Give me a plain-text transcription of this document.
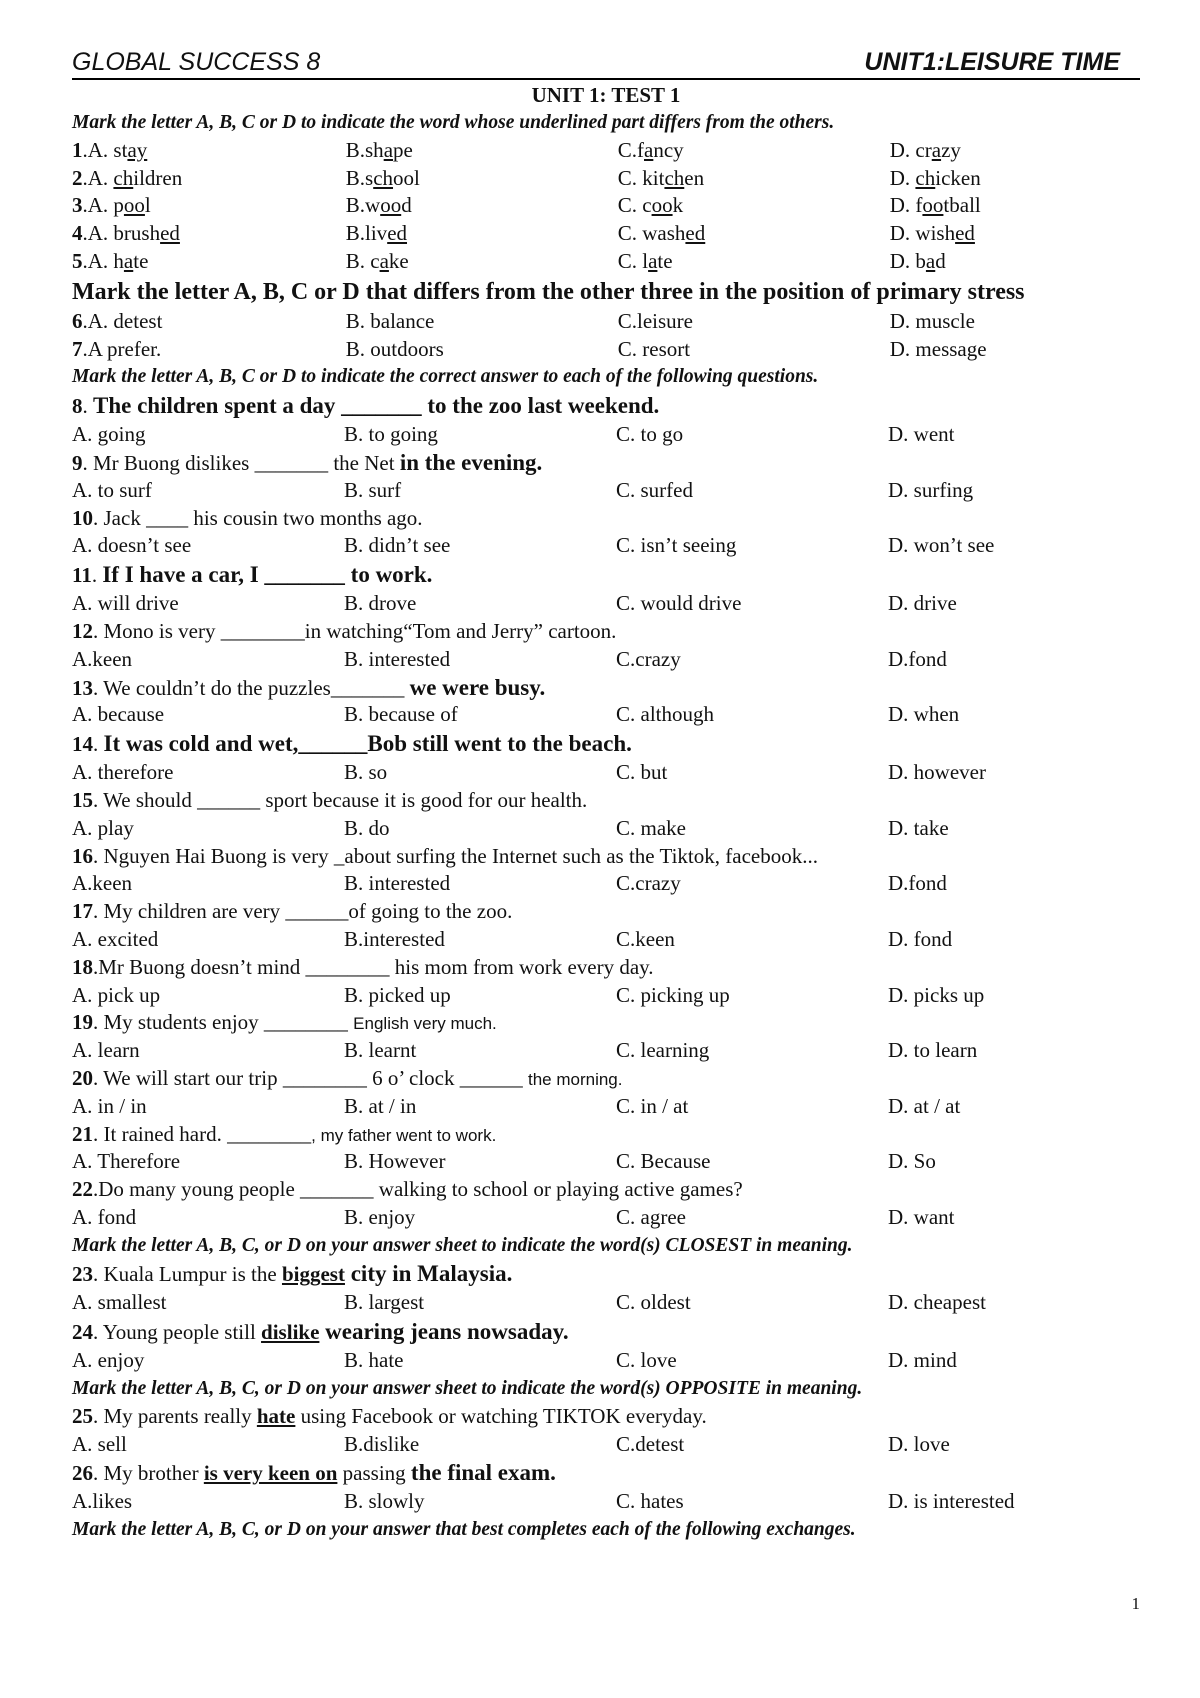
GLOBAL SUCCESS 8	UNIT1:LEISURE TIME
UNIT 1: TEST 1
Mark the letter A, B, C or D to indicate the word whose underlined part differs from the others.
1 . A. stay	B.shape	C.fancy	D. crazy
2 . A. children	B.school	C. kitchen	D. chicken
3 . A. pool	B.wood	C. cook	D. football
4 . A. brushed	B.lived	C. washed	D. wished
5 . A. hate	B. cake	C. late	D. bad
Mark the letter A, B, C or D that differs from the other three in the position of primary stress
6 . A. detest	B. balance	C.leisure	D. muscle
7 . A prefer.	B. outdoors	C. resort	D. message
Mark the letter A, B, C or D to indicate the correct answer to each of the following questions.
8. The children spent a day _______ to the zoo last weekend.
A. going	B. to going	C. to go	D. went
9. Mr Buong dislikes _______ the Net in the evening.
A. to surf	B. surf	C. surfed	D. surfing
10. Jack ____ his cousin two months ago.
A. doesn’t see	B. didn’t see	C. isn’t seeing	D. won’t see
11. If I have a car, I _______ to work.
A. will drive	B. drove	C. would drive	D. drive
12. Mono is very ________in watching“Tom and Jerry” cartoon.
A.keen	B. interested	C.crazy	D.fond
13. We couldn’t do the puzzles_______ we were busy.
A. because	B. because of	C. although	D. when
14. It was cold and wet,______Bob still went to the beach.
A. therefore	B. so	C. but	D. however
15. We should ______ sport because it is good for our health.
A. play	B. do	C. make	D. take
16. Nguyen Hai Buong is very _about surfing the Internet such as the Tiktok, facebook...
A.keen	B. interested	C.crazy	D.fond
17. My children are very ______of going to the zoo.
A. excited	B.interested	C.keen	D. fond
18.Mr Buong doesn’t mind ________ his mom from work every day.
A. pick up	B. picked up	C. picking up	D. picks up
19. My students enjoy ________ English very much.
A. learn	B. learnt	C. learning	D. to learn
20. We will start our trip ________ 6 o’ clock ______ the morning.
A. in / in	B. at / in	C. in / at	D. at / at
21. It rained hard. ________, my father went to work.
A. Therefore	B. However	C. Because	D. So
22.Do many young people _______ walking to school or playing active games?
A. fond	B. enjoy	C. agree	D. want
Mark the letter A, B, C, or D on your answer sheet to indicate the word(s) CLOSEST in meaning.
23. Kuala Lumpur is the biggest city in Malaysia.
A. smallest	B. largest	C. oldest	D. cheapest
24. Young people still dislike wearing jeans nowsaday.
A. enjoy	B. hate	C. love	D. mind
Mark the letter A, B, C, or D on your answer sheet to indicate the word(s) OPPOSITE in meaning.
25. My parents really hate using Facebook or watching TIKTOK everyday.
A. sell	B.dislike	C.detest	D. love
26. My brother is very keen on passing the final exam.
A.likes	B. slowly	C. hates	D. is interested
Mark the letter A, B, C, or D on your answer that best completes each of the following exchanges.
1
